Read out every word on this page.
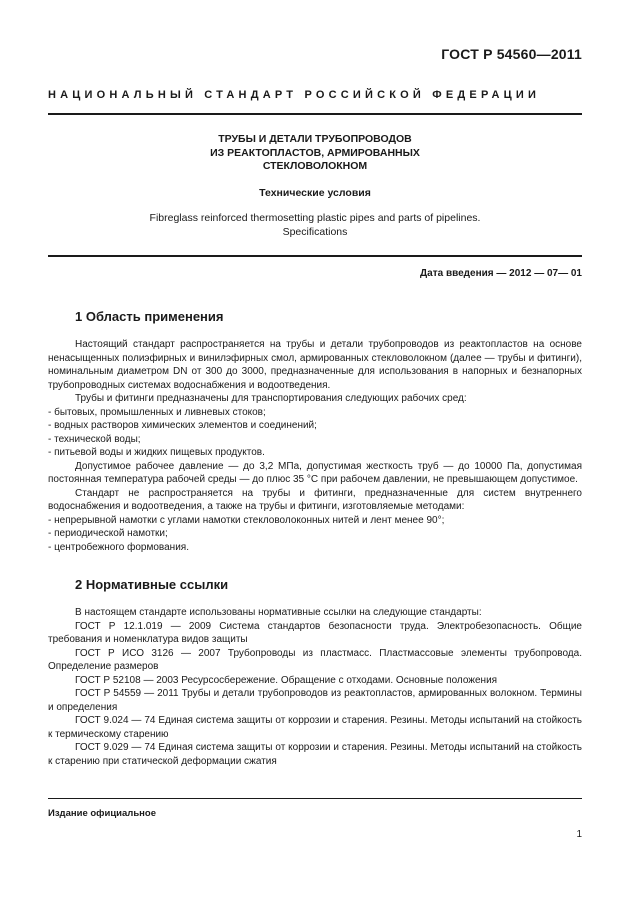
ГОСТ Р 54560—2011
НАЦИОНАЛЬНЫЙ СТАНДАРТ РОССИЙСКОЙ ФЕДЕРАЦИИ
ТРУБЫ И ДЕТАЛИ ТРУБОПРОВОДОВ
ИЗ РЕАКТОПЛАСТОВ, АРМИРОВАННЫХ
СТЕКЛОВОЛОКНОМ
Технические условия
Fibreglass reinforced thermosetting plastic pipes and parts of pipelines.
Specifications
Дата введения — 2012 — 07— 01
1 Область применения

Настоящий стандарт распространяется на трубы и детали трубопроводов из реактопластов на основе ненасыщенных полиэфирных и винилэфирных смол, армированных стекловолокном (далее — трубы и фитинги), номинальным диаметром DN от 300 до 3000, предназначенные для использования в напорных и безнапорных трубопроводных системах водоснабжения и водоотведения.

Трубы и фитинги предназначены для транспортирования следующих рабочих сред:

- бытовых, промышленных и ливневых стоков;

- водных растворов химических элементов и соединений;

- технической воды;

- питьевой воды и жидких пищевых продуктов.

Допустимое рабочее давление — до 3,2 МПа, допустимая жесткость труб — до 10000 Па, допустимая постоянная температура рабочей среды — до плюс 35 °С при рабочем давлении, не превышающем допустимое.

Стандарт не распространяется на трубы и фитинги, предназначенные для систем внутреннего водоснабжения и водоотведения, а также на трубы и фитинги, изготовляемые методами:

- непрерывной намотки с углами намотки стекловолоконных нитей и лент менее 90°;

- периодической намотки;

- центробежного формования.

2 Нормативные ссылки

В настоящем стандарте использованы нормативные ссылки на следующие стандарты:

ГОСТ Р 12.1.019 — 2009 Система стандартов безопасности труда. Электробезопасность. Общие требования и номенклатура видов защиты

ГОСТ Р ИСО 3126 — 2007 Трубопроводы из пластмасс. Пластмассовые элементы трубопровода. Определение размеров

ГОСТ Р 52108 — 2003 Ресурсосбережение. Обращение с отходами. Основные положения

ГОСТ Р 54559 — 2011 Трубы и детали трубопроводов из реактопластов, армированных волокном. Термины и определения

ГОСТ 9.024 — 74 Единая система защиты от коррозии и старения. Резины. Методы испытаний на стойкость к термическому старению

ГОСТ 9.029 — 74 Единая система защиты от коррозии и старения. Резины. Методы испытаний на стойкость к старению при статической деформации сжатия

Издание официальное
1
